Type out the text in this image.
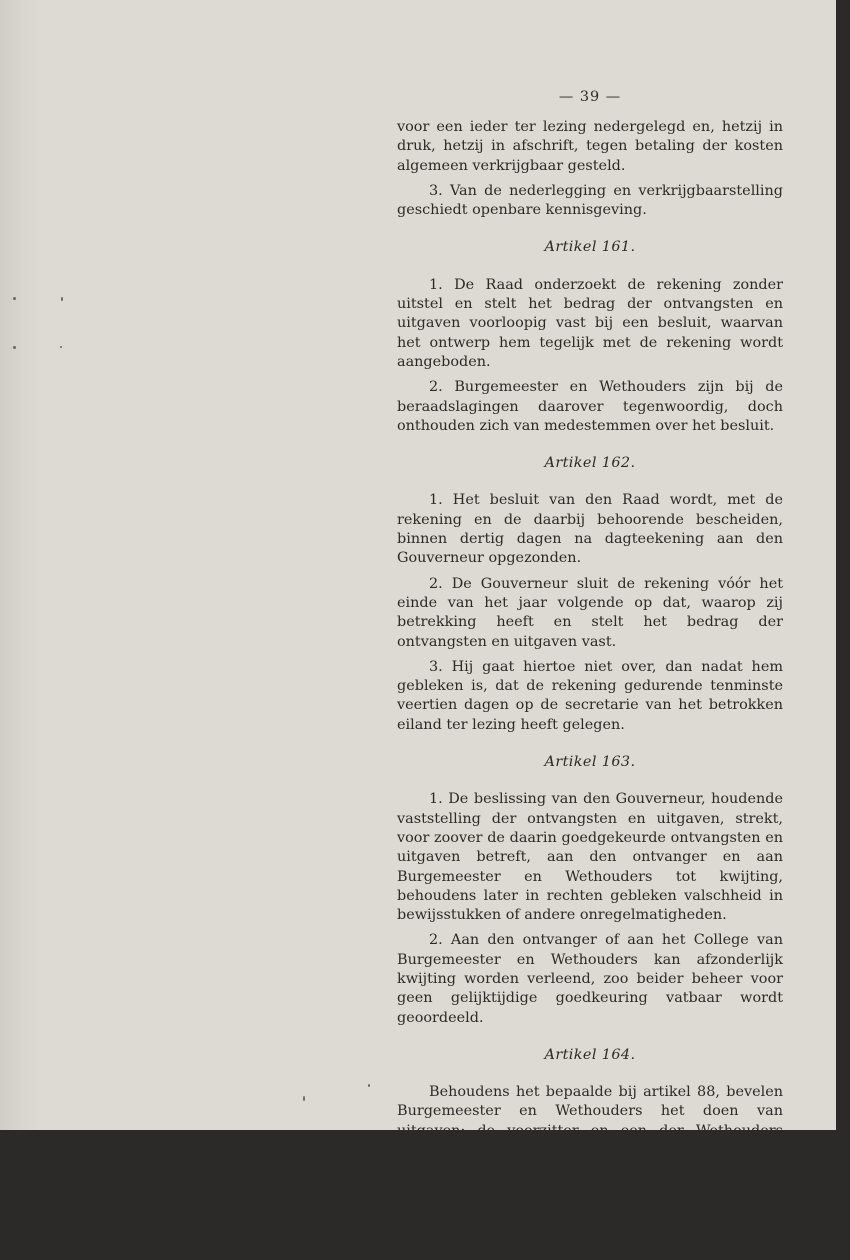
— 39 —

voor een ieder ter lezing nedergelegd en, hetzij in druk, hetzij in afschrift, tegen betaling der kosten algemeen verkrijgbaar gesteld.

3. Van de nederlegging en verkrijgbaarstelling geschiedt openbare kennisgeving.

Artikel 161.

1. De Raad onderzoekt de rekening zonder uitstel en stelt het bedrag der ontvangsten en uitgaven voorloopig vast bij een besluit, waarvan het ontwerp hem tegelijk met de rekening wordt aangeboden.

2. Burgemeester en Wethouders zijn bij de beraadslagingen daarover tegenwoordig, doch onthouden zich van medestemmen over het besluit.

Artikel 162.

1. Het besluit van den Raad wordt, met de rekening en de daarbij behoorende bescheiden, binnen dertig dagen na dagteekening aan den Gouverneur opgezonden.

2. De Gouverneur sluit de rekening vóór het einde van het jaar volgende op dat, waarop zij betrekking heeft en stelt het bedrag der ontvangsten en uitgaven vast.

3. Hij gaat hiertoe niet over, dan nadat hem gebleken is, dat de rekening gedurende tenminste veertien dagen op de secretarie van het betrokken eiland ter lezing heeft gelegen.

Artikel 163.

1. De beslissing van den Gouverneur, houdende vaststelling der ontvangsten en uitgaven, strekt, voor zoover de daarin goedgekeurde ontvangsten en uitgaven betreft, aan den ontvanger en aan Burgemeester en Wethouders tot kwijting, behoudens later in rechten gebleken valschheid in bewijsstukken of andere onregelmatigheden.

2. Aan den ontvanger of aan het College van Burgemeester en Wethouders kan afzonderlijk kwijting worden verleend, zoo beider beheer voor geen gelijktijdige goedkeuring vatbaar wordt geoordeeld.

Artikel 164.

Behoudens het bepaalde bij artikel 88, bevelen Burgemeester en Wethouders het doen van teekenen de daartoe noodige bevelschriften.

Artikel 165.

1. Ingeval geen bevelschriften worden afgegeven tot
